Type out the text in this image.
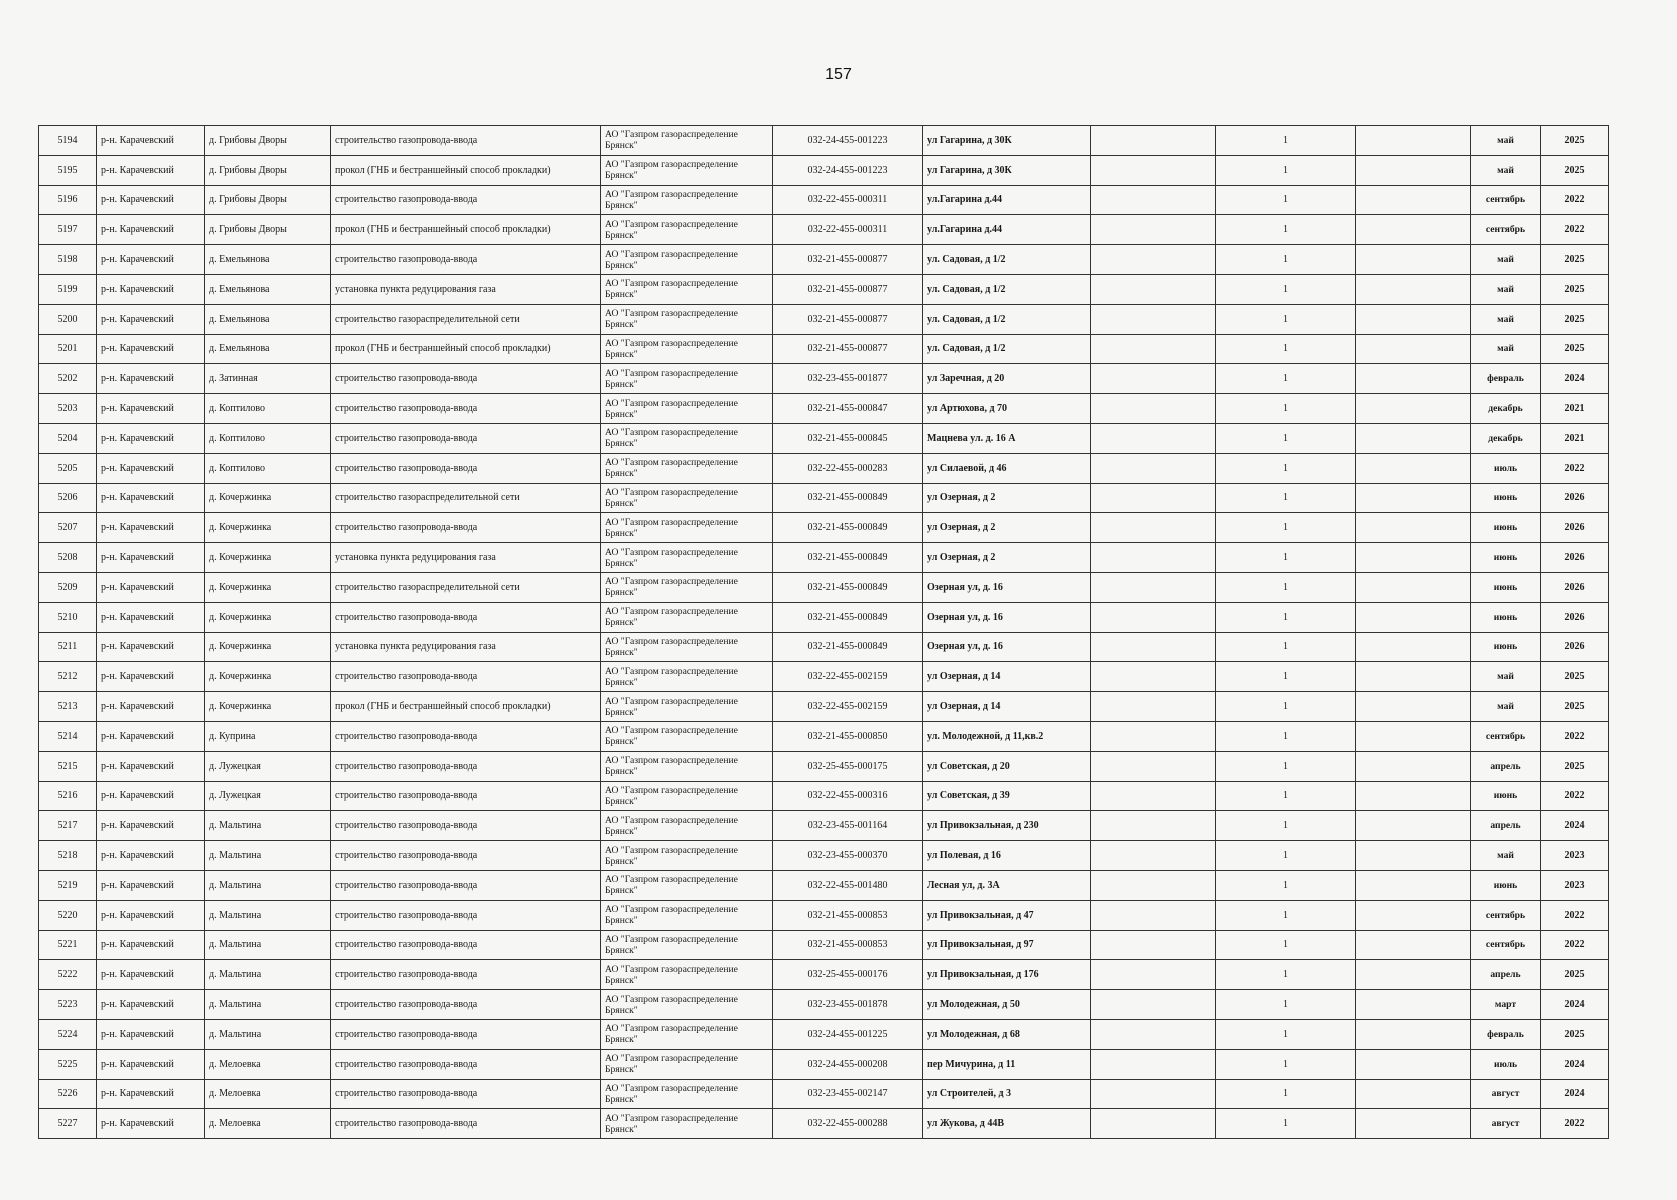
157
5194	р-н. Карачевский	д. Грибовы Дворы	строительство газопровода-ввода	АО "Газпром газораспределение Брянск"	032-24-455-001223	ул Гагарина, д 30К		1		май	2025
5195	р-н. Карачевский	д. Грибовы Дворы	прокол (ГНБ и бестраншейный способ прокладки)	АО "Газпром газораспределение Брянск"	032-24-455-001223	ул Гагарина, д 30К		1		май	2025
5196	р-н. Карачевский	д. Грибовы Дворы	строительство газопровода-ввода	АО "Газпром газораспределение Брянск"	032-22-455-000311	ул.Гагарина д.44		1		сентябрь	2022
5197	р-н. Карачевский	д. Грибовы Дворы	прокол (ГНБ и бестраншейный способ прокладки)	АО "Газпром газораспределение Брянск"	032-22-455-000311	ул.Гагарина д.44		1		сентябрь	2022
5198	р-н. Карачевский	д. Емельянова	строительство газопровода-ввода	АО "Газпром газораспределение Брянск"	032-21-455-000877	ул. Садовая, д 1/2		1		май	2025
5199	р-н. Карачевский	д. Емельянова	установка пункта редуцирования газа	АО "Газпром газораспределение Брянск"	032-21-455-000877	ул. Садовая, д 1/2		1		май	2025
5200	р-н. Карачевский	д. Емельянова	строительство газораспределительной сети	АО "Газпром газораспределение Брянск"	032-21-455-000877	ул. Садовая, д 1/2		1		май	2025
5201	р-н. Карачевский	д. Емельянова	прокол (ГНБ и бестраншейный способ прокладки)	АО "Газпром газораспределение Брянск"	032-21-455-000877	ул. Садовая, д 1/2		1		май	2025
5202	р-н. Карачевский	д. Затинная	строительство газопровода-ввода	АО "Газпром газораспределение Брянск"	032-23-455-001877	ул Заречная, д 20		1		февраль	2024
5203	р-н. Карачевский	д. Коптилово	строительство газопровода-ввода	АО "Газпром газораспределение Брянск"	032-21-455-000847	ул Артюхова, д 70		1		декабрь	2021
5204	р-н. Карачевский	д. Коптилово	строительство газопровода-ввода	АО "Газпром газораспределение Брянск"	032-21-455-000845	Мацнева ул. д. 16 А		1		декабрь	2021
5205	р-н. Карачевский	д. Коптилово	строительство газопровода-ввода	АО "Газпром газораспределение Брянск"	032-22-455-000283	ул Силаевой, д 46		1		июль	2022
5206	р-н. Карачевский	д. Кочержинка	строительство газораспределительной сети	АО "Газпром газораспределение Брянск"	032-21-455-000849	ул Озерная, д 2		1		июнь	2026
5207	р-н. Карачевский	д. Кочержинка	строительство газопровода-ввода	АО "Газпром газораспределение Брянск"	032-21-455-000849	ул Озерная, д 2		1		июнь	2026
5208	р-н. Карачевский	д. Кочержинка	установка пункта редуцирования газа	АО "Газпром газораспределение Брянск"	032-21-455-000849	ул Озерная, д 2		1		июнь	2026
5209	р-н. Карачевский	д. Кочержинка	строительство газораспределительной сети	АО "Газпром газораспределение Брянск"	032-21-455-000849	Озерная ул, д. 16		1		июнь	2026
5210	р-н. Карачевский	д. Кочержинка	строительство газопровода-ввода	АО "Газпром газораспределение Брянск"	032-21-455-000849	Озерная ул, д. 16		1		июнь	2026
5211	р-н. Карачевский	д. Кочержинка	установка пункта редуцирования газа	АО "Газпром газораспределение Брянск"	032-21-455-000849	Озерная ул, д. 16		1		июнь	2026
5212	р-н. Карачевский	д. Кочержинка	строительство газопровода-ввода	АО "Газпром газораспределение Брянск"	032-22-455-002159	ул Озерная, д 14		1		май	2025
5213	р-н. Карачевский	д. Кочержинка	прокол (ГНБ и бестраншейный способ прокладки)	АО "Газпром газораспределение Брянск"	032-22-455-002159	ул Озерная, д 14		1		май	2025
5214	р-н. Карачевский	д. Куприна	строительство газопровода-ввода	АО "Газпром газораспределение Брянск"	032-21-455-000850	ул. Молодежной, д 11,кв.2		1		сентябрь	2022
5215	р-н. Карачевский	д. Лужецкая	строительство газопровода-ввода	АО "Газпром газораспределение Брянск"	032-25-455-000175	ул Советская, д 20		1		апрель	2025
5216	р-н. Карачевский	д. Лужецкая	строительство газопровода-ввода	АО "Газпром газораспределение Брянск"	032-22-455-000316	ул Советская, д 39		1		июнь	2022
5217	р-н. Карачевский	д. Мальтина	строительство газопровода-ввода	АО "Газпром газораспределение Брянск"	032-23-455-001164	ул Привокзальная, д 230		1		апрель	2024
5218	р-н. Карачевский	д. Мальтина	строительство газопровода-ввода	АО "Газпром газораспределение Брянск"	032-23-455-000370	ул Полевая, д 16		1		май	2023
5219	р-н. Карачевский	д. Мальтина	строительство газопровода-ввода	АО "Газпром газораспределение Брянск"	032-22-455-001480	Лесная ул, д. 3А		1		июнь	2023
5220	р-н. Карачевский	д. Мальтина	строительство газопровода-ввода	АО "Газпром газораспределение Брянск"	032-21-455-000853	ул Привокзальная, д 47		1		сентябрь	2022
5221	р-н. Карачевский	д. Мальтина	строительство газопровода-ввода	АО "Газпром газораспределение Брянск"	032-21-455-000853	ул Привокзальная, д 97		1		сентябрь	2022
5222	р-н. Карачевский	д. Мальтина	строительство газопровода-ввода	АО "Газпром газораспределение Брянск"	032-25-455-000176	ул Привокзальная, д 176		1		апрель	2025
5223	р-н. Карачевский	д. Мальтина	строительство газопровода-ввода	АО "Газпром газораспределение Брянск"	032-23-455-001878	ул Молодежная, д 50		1		март	2024
5224	р-н. Карачевский	д. Мальтина	строительство газопровода-ввода	АО "Газпром газораспределение Брянск"	032-24-455-001225	ул Молодежная, д 68		1		февраль	2025
5225	р-н. Карачевский	д. Мелоевка	строительство газопровода-ввода	АО "Газпром газораспределение Брянск"	032-24-455-000208	пер Мичурина, д 11		1		июль	2024
5226	р-н. Карачевский	д. Мелоевка	строительство газопровода-ввода	АО "Газпром газораспределение Брянск"	032-23-455-002147	ул Строителей, д 3		1		август	2024
5227	р-н. Карачевский	д. Мелоевка	строительство газопровода-ввода	АО "Газпром газораспределение Брянск"	032-22-455-000288	ул Жукова, д 44В		1		август	2022
